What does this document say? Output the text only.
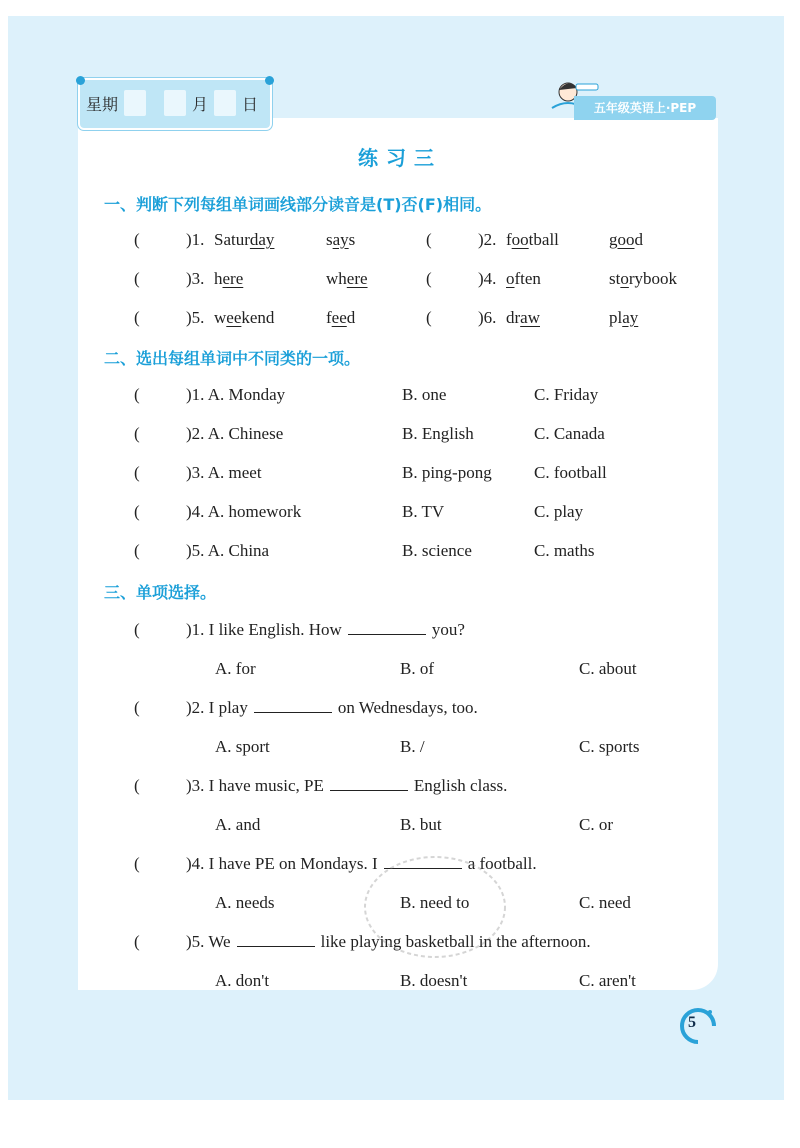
星期	月 日	五年级英语上·PEP
练习三
一、判断下列每组单词画线部分读音是(T)否(F)相同。
(	)1. Saturday	says	(	)2. football	good
(	)3. here	where	(	)4. often	storybook
(	)5. weekend	feed	(	)6. draw	play
二、选出每组单词中不同类的一项。
(	)1. A. Monday	B. one	C. Friday
(	)2. A. Chinese	B. English	C. Canada
(	)3. A. meet	B. ping-pong C. football
(	)4. A. homework	B. TV	C. play
(	)5. A. China	B. science	C. maths
三、单项选择。
(	)1. I like English. How	you?
A. for	B. of	C. about
(	)2. I play	on Wednesdays, too.
A. sport	B. /	C. sports
(	)3. I have music, PE	English class.
A. and	B. but	C. or
(	)4. I have PE on Mondays. I	a football.
A. needs	B. need to	C. need
(	)5. We	like playing basketball in the afternoon.
A. don't	B. doesn't	C. aren't
5
